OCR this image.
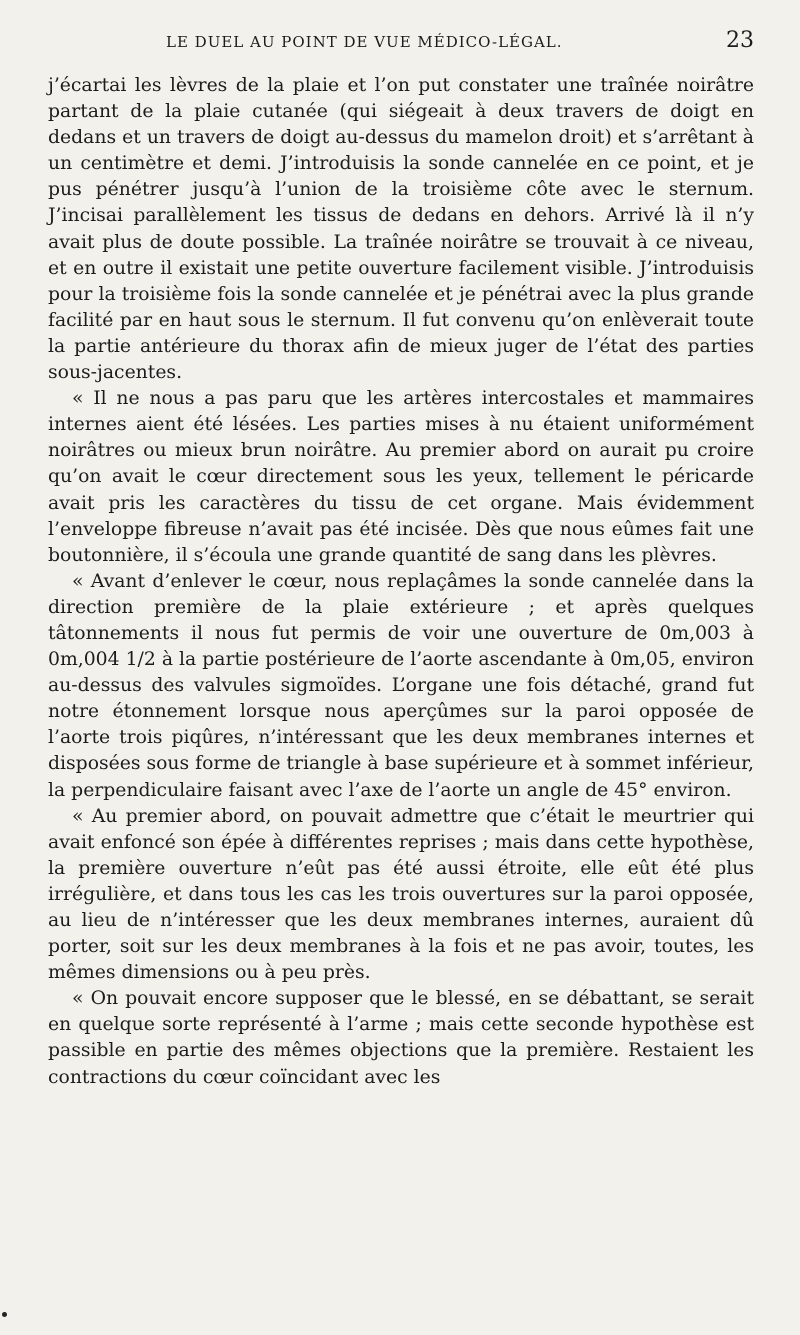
LE DUEL AU POINT DE VUE MÉDICO-LÉGAL.	23

j’écartai les lèvres de la plaie et l’on put constater une traînée noirâtre partant de la plaie cutanée (qui siégeait à deux travers de doigt en dedans et un travers de doigt au-dessus du mamelon droit) et s’arrêtant à un centimètre et demi. J’introduisis la sonde cannelée en ce point, et je pus pénétrer jusqu’à l’union de la troisième côte avec le sternum. J’incisai parallèlement les tissus de dedans en dehors. Arrivé là il n’y avait plus de doute possible. La traînée noirâtre se trouvait à ce niveau, et en outre il existait une petite ouverture facilement visible. J’introduisis pour la troisième fois la sonde cannelée et je pénétrai avec la plus grande facilité par en haut sous le sternum. Il fut convenu qu’on enlèverait toute la partie antérieure du thorax afin de mieux juger de l’état des parties sous-jacentes.

« Il ne nous a pas paru que les artères intercostales et mammaires internes aient été lésées. Les parties mises à nu étaient uniformément noirâtres ou mieux brun noirâtre. Au premier abord on aurait pu croire qu’on avait le cœur directement sous les yeux, tellement le péricarde avait pris les caractères du tissu de cet organe. Mais évidemment l’enveloppe fibreuse n’avait pas été incisée. Dès que nous eûmes fait une boutonnière, il s’écoula une grande quantité de sang dans les plèvres.

« Avant d’enlever le cœur, nous replaçâmes la sonde cannelée dans la direction première de la plaie extérieure ; et après quelques tâtonnements il nous fut permis de voir une ouverture de 0m,003 à 0m,004 1/2 à la partie postérieure de l’aorte ascendante à 0m,05, environ au-dessus des valvules sigmoïdes. L’organe une fois détaché, grand fut notre étonnement lorsque nous aperçûmes sur la paroi opposée de l’aorte trois piqûres, n’intéressant que les deux membranes internes et disposées sous forme de triangle à base supérieure et à sommet inférieur, la perpendiculaire faisant avec l’axe de l’aorte un angle de 45° environ.

« Au premier abord, on pouvait admettre que c’était le meurtrier qui avait enfoncé son épée à différentes reprises ; mais dans cette hypothèse, la première ouverture n’eût pas été aussi étroite, elle eût été plus irrégulière, et dans tous les cas les trois ouvertures sur la paroi opposée, au lieu de n’intéresser que les deux membranes internes, auraient dû porter, soit sur les deux membranes à la fois et ne pas avoir, toutes, les mêmes dimensions ou à peu près.

« On pouvait encore supposer que le blessé, en se débattant, se serait en quelque sorte représenté à l’arme ; mais cette seconde hypothèse est passible en partie des mêmes objections que la première. Restaient les contractions du cœur coïncidant avec les
